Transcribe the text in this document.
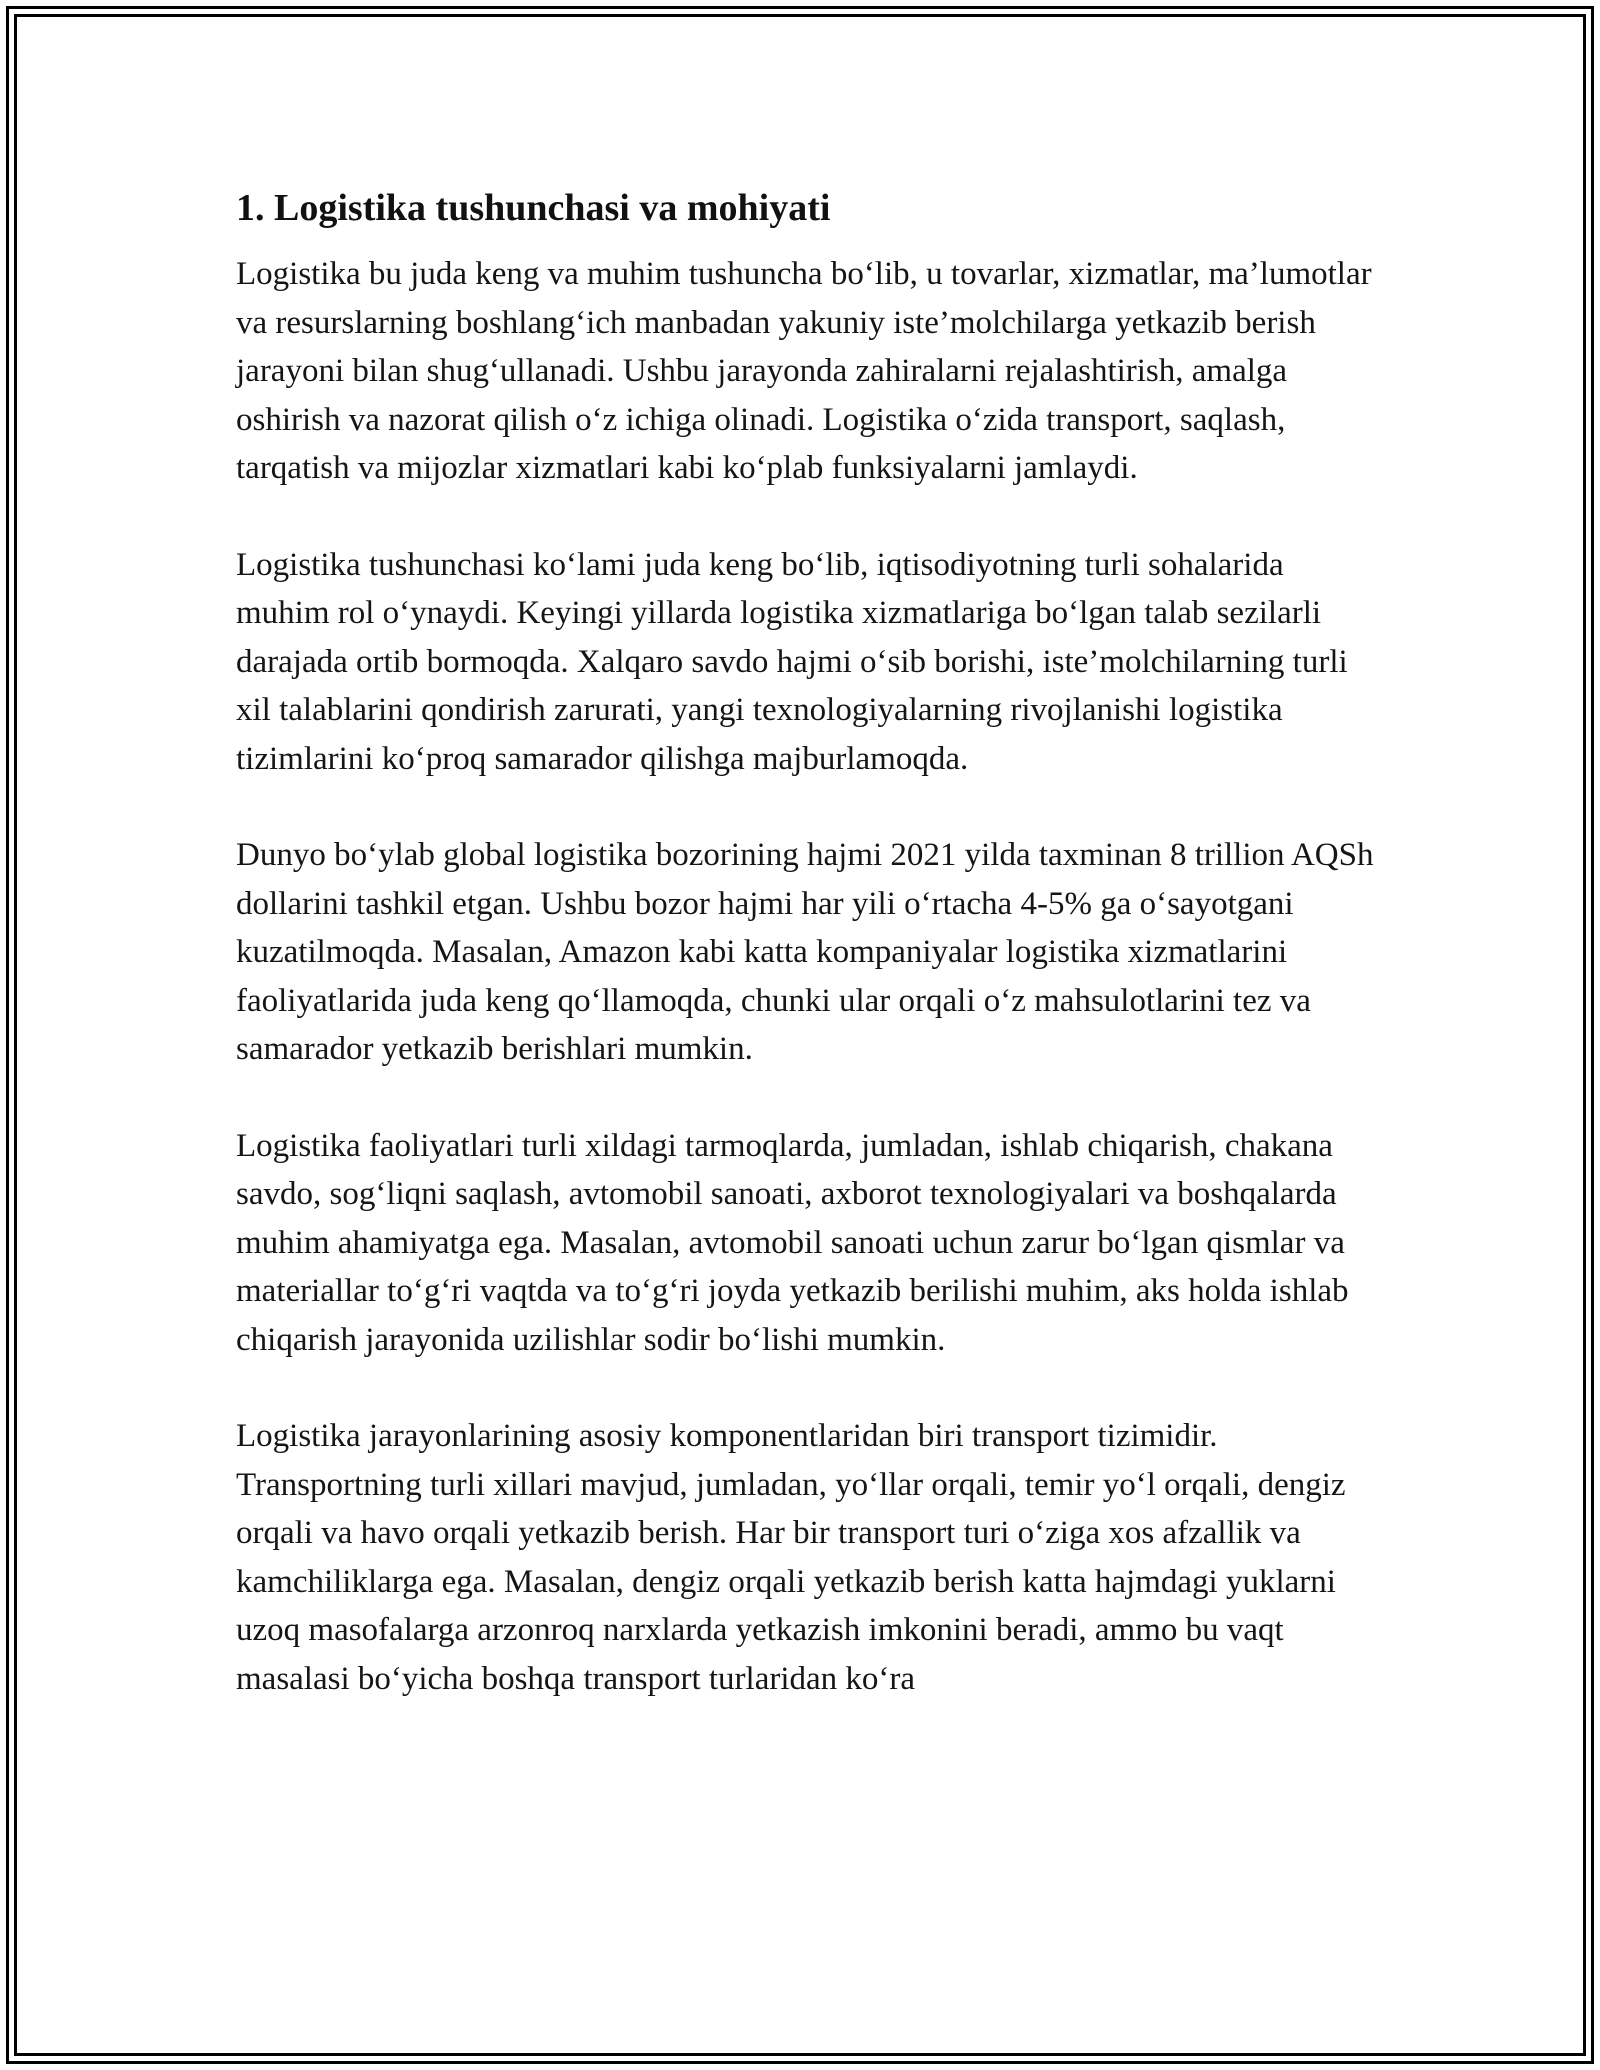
1. Logistika tushunchasi va mohiyati

Logistika bu juda keng va muhim tushuncha bo‘lib, u tovarlar, xizmatlar, ma’lumotlar va resurslarning boshlang‘ich manbadan yakuniy iste’molchilarga yetkazib berish jarayoni bilan shug‘ullanadi. Ushbu jarayonda zahiralarni rejalashtirish, amalga oshirish va nazorat qilish o‘z ichiga olinadi. Logistika o‘zida transport, saqlash, tarqatish va mijozlar xizmatlari kabi ko‘plab funksiyalarni jamlaydi.

Logistika tushunchasi ko‘lami juda keng bo‘lib, iqtisodiyotning turli sohalarida muhim rol o‘ynaydi. Keyingi yillarda logistika xizmatlariga bo‘lgan talab sezilarli darajada ortib bormoqda. Xalqaro savdo hajmi o‘sib borishi, iste’molchilarning turli xil talablarini qondirish zarurati, yangi texnologiyalarning rivojlanishi logistika tizimlarini ko‘proq samarador qilishga majburlamoqda.

Dunyo bo‘ylab global logistika bozorining hajmi 2021 yilda taxminan 8 trillion AQSh dollarini tashkil etgan. Ushbu bozor hajmi har yili o‘rtacha 4-5% ga o‘sayotgani kuzatilmoqda. Masalan, Amazon kabi katta kompaniyalar logistika xizmatlarini faoliyatlarida juda keng qo‘llamoqda, chunki ular orqali o‘z mahsulotlarini tez va samarador yetkazib berishlari mumkin.

Logistika faoliyatlari turli xildagi tarmoqlarda, jumladan, ishlab chiqarish, chakana savdo, sog‘liqni saqlash, avtomobil sanoati, axborot texnologiyalari va boshqalarda muhim ahamiyatga ega. Masalan, avtomobil sanoati uchun zarur bo‘lgan qismlar va materiallar to‘g‘ri vaqtda va to‘g‘ri joyda yetkazib berilishi muhim, aks holda ishlab chiqarish jarayonida uzilishlar sodir bo‘lishi mumkin.

Logistika jarayonlarining asosiy komponentlaridan biri transport tizimidir. Transportning turli xillari mavjud, jumladan, yo‘llar orqali, temir yo‘l orqali, dengiz orqali va havo orqali yetkazib berish. Har bir transport turi o‘ziga xos afzallik va kamchiliklarga ega. Masalan, dengiz orqali yetkazib berish katta hajmdagi yuklarni uzoq masofalarga arzonroq narxlarda yetkazish imkonini beradi, ammo bu vaqt masalasi bo‘yicha boshqa transport turlaridan ko‘ra
